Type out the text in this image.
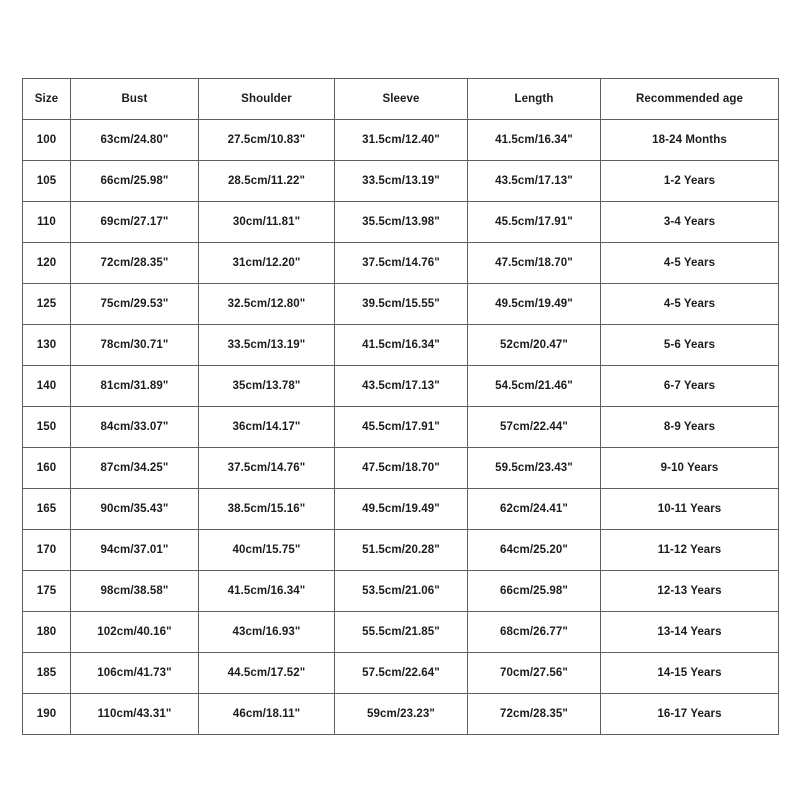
Size	Bust	Shoulder	Sleeve	Length	Recommended age
100	63cm/24.80"	27.5cm/10.83"	31.5cm/12.40"	41.5cm/16.34"	18-24 Months
105	66cm/25.98"	28.5cm/11.22"	33.5cm/13.19"	43.5cm/17.13"	1-2 Years
110	69cm/27.17"	30cm/11.81"	35.5cm/13.98"	45.5cm/17.91"	3-4 Years
120	72cm/28.35"	31cm/12.20"	37.5cm/14.76"	47.5cm/18.70"	4-5 Years
125	75cm/29.53"	32.5cm/12.80"	39.5cm/15.55"	49.5cm/19.49"	4-5 Years
130	78cm/30.71"	33.5cm/13.19"	41.5cm/16.34"	52cm/20.47"	5-6 Years
140	81cm/31.89"	35cm/13.78"	43.5cm/17.13"	54.5cm/21.46"	6-7 Years
150	84cm/33.07"	36cm/14.17"	45.5cm/17.91"	57cm/22.44"	8-9 Years
160	87cm/34.25"	37.5cm/14.76"	47.5cm/18.70"	59.5cm/23.43"	9-10 Years
165	90cm/35.43"	38.5cm/15.16"	49.5cm/19.49"	62cm/24.41"	10-11 Years
170	94cm/37.01"	40cm/15.75"	51.5cm/20.28"	64cm/25.20"	11-12 Years
175	98cm/38.58"	41.5cm/16.34"	53.5cm/21.06"	66cm/25.98"	12-13 Years
180	102cm/40.16"	43cm/16.93"	55.5cm/21.85"	68cm/26.77"	13-14 Years
185	106cm/41.73"	44.5cm/17.52"	57.5cm/22.64"	70cm/27.56"	14-15 Years
190	110cm/43.31"	46cm/18.11"	59cm/23.23"	72cm/28.35"	16-17 Years
